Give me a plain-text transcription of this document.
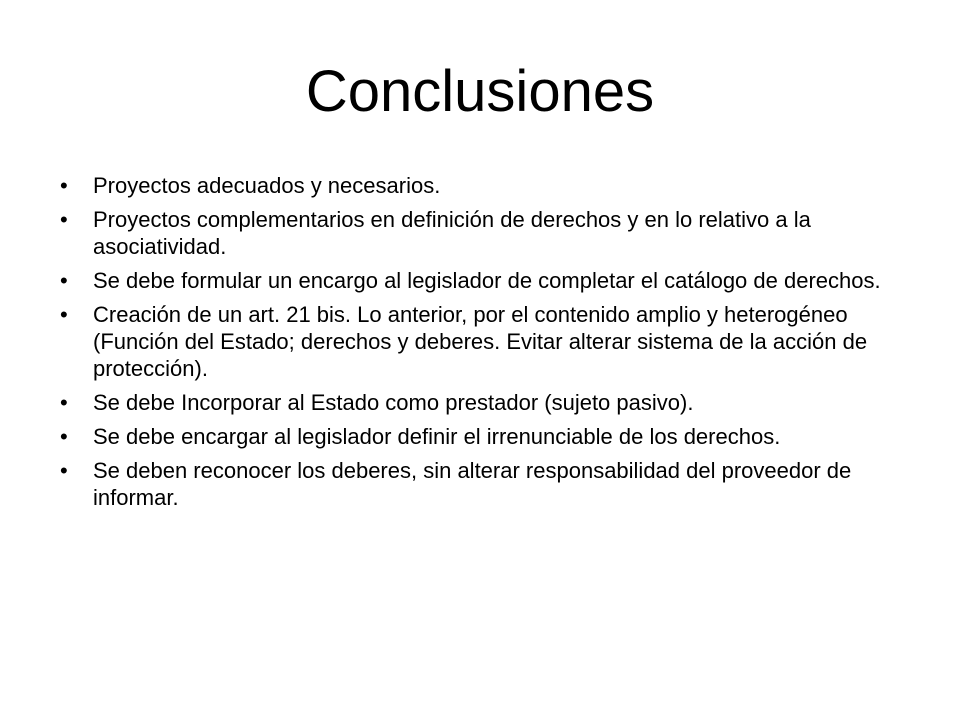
Conclusiones
•	Proyectos adecuados y necesarios.
•	Proyectos complementarios en definición de derechos y en lo relativo a la asociatividad.
•	Se debe formular un encargo al legislador de completar el catálogo de derechos.
•	Creación de un art. 21 bis. Lo anterior, por el contenido amplio y heterogéneo (Función del Estado; derechos y deberes. Evitar alterar sistema de la acción de protección).
•	Se debe Incorporar al Estado como prestador (sujeto pasivo).
•	Se debe encargar al legislador definir el irrenunciable de los derechos.
•	Se deben reconocer los deberes, sin alterar responsabilidad del proveedor de informar.
